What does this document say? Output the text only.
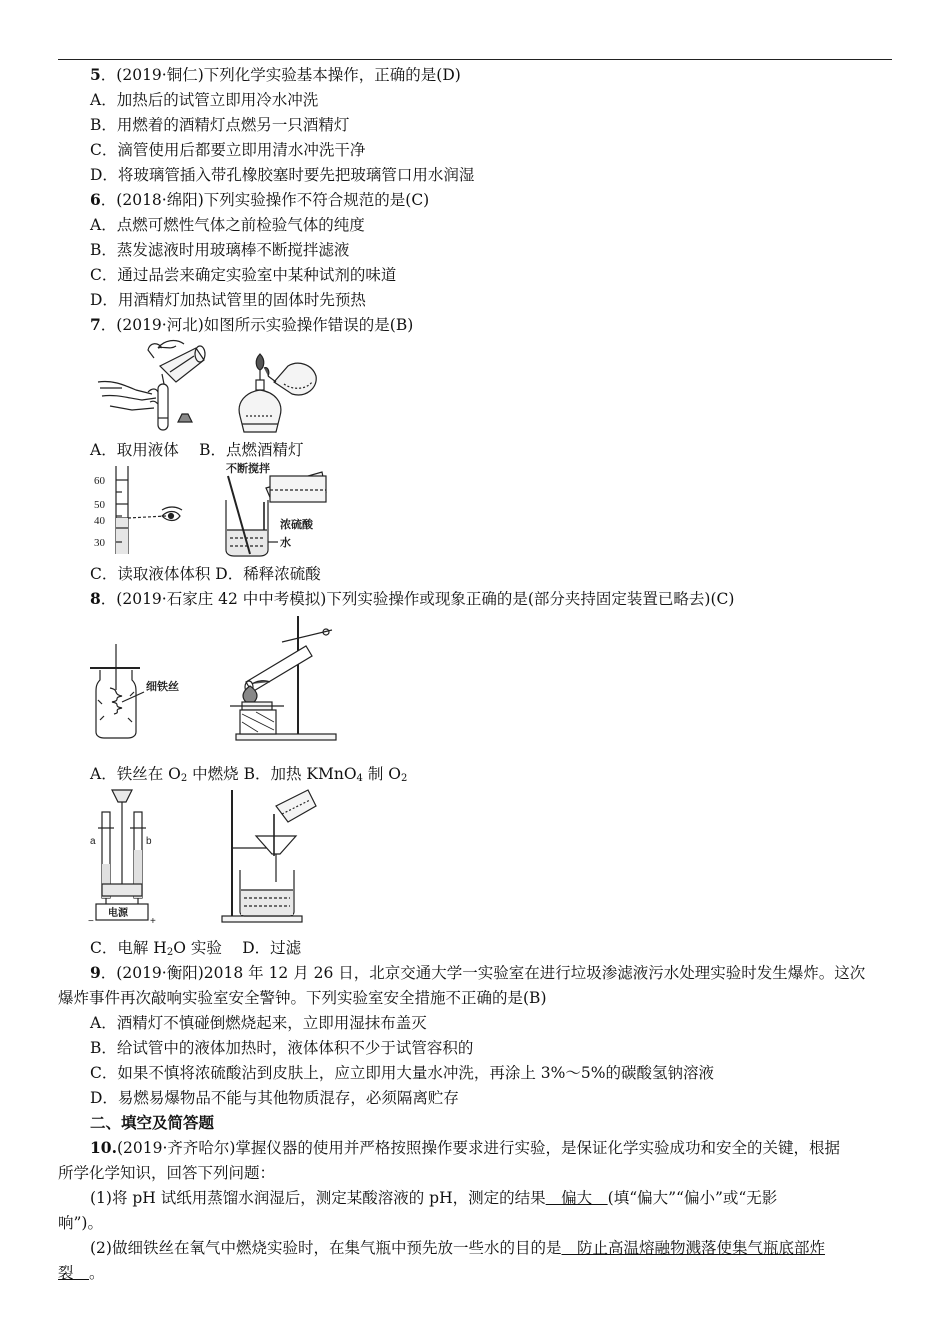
5．(2019·铜仁)下列化学实验基本操作，正确的是(D)
A．加热后的试管立即用冷水冲洗
B．用燃着的酒精灯点燃另一只酒精灯
C．滴管使用后都要立即用清水冲洗干净
D．将玻璃管插入带孔橡胶塞时要先把玻璃管口用水润湿
6．(2018·绵阳)下列实验操作不符合规范的是(C)
A．点燃可燃性气体之前检验气体的纯度
B．蒸发滤液时用玻璃棒不断搅拌滤液
C．通过品尝来确定实验室中某种试剂的味道
D．用酒精灯加热试管里的固体时先预热
7．(2019·河北)如图所示实验操作错误的是(B)
A．取用液体　 B．点燃酒精灯
60
50
40
30
不断搅拌
浓硫酸
水
C．读取液体体积 D．稀释浓硫酸
8．(2019·石家庄 42 中中考模拟)下列实验操作或现象正确的是(部分夹持固定装置已略去)(C)
细铁丝
A．铁丝在 $O_2$ 中燃烧 B．加热 KMnO$_4$ 制 $O_2$
a	b
电源
−	+
C．电解 $H_2O$ 实验　 D．过滤
9．(2019·衡阳)2018 年 12 月 26 日，北京交通大学一实验室在进行垃圾渗滤液污水处理实验时发生爆炸。这次
爆炸事件再次敲响实验室安全警钟。下列实验室安全措施不正确的是(B)
A．酒精灯不慎碰倒燃烧起来，立即用湿抹布盖灭
B．给试管中的液体加热时，液体体积不少于试管容积的
C．如果不慎将浓硫酸沾到皮肤上，应立即用大量水冲洗，再涂上 3%～5%的碳酸氢钠溶液
D．易燃易爆物品不能与其他物质混存，必须隔离贮存
二、填空及简答题
10.(2019·齐齐哈尔)掌握仪器的使用并严格按照操作要求进行实验，是保证化学实验成功和安全的关键，根据
所学化学知识，回答下列问题：
(1)将 pH 试纸用蒸馏水润湿后，测定某酸溶液的 pH，测定的结果　偏大　(填“偏大”“偏小”或“无影
响”)。
(2)做细铁丝在氧气中燃烧实验时，在集气瓶中预先放一些水的目的是　防止高温熔融物溅落使集气瓶底部炸
裂　。
